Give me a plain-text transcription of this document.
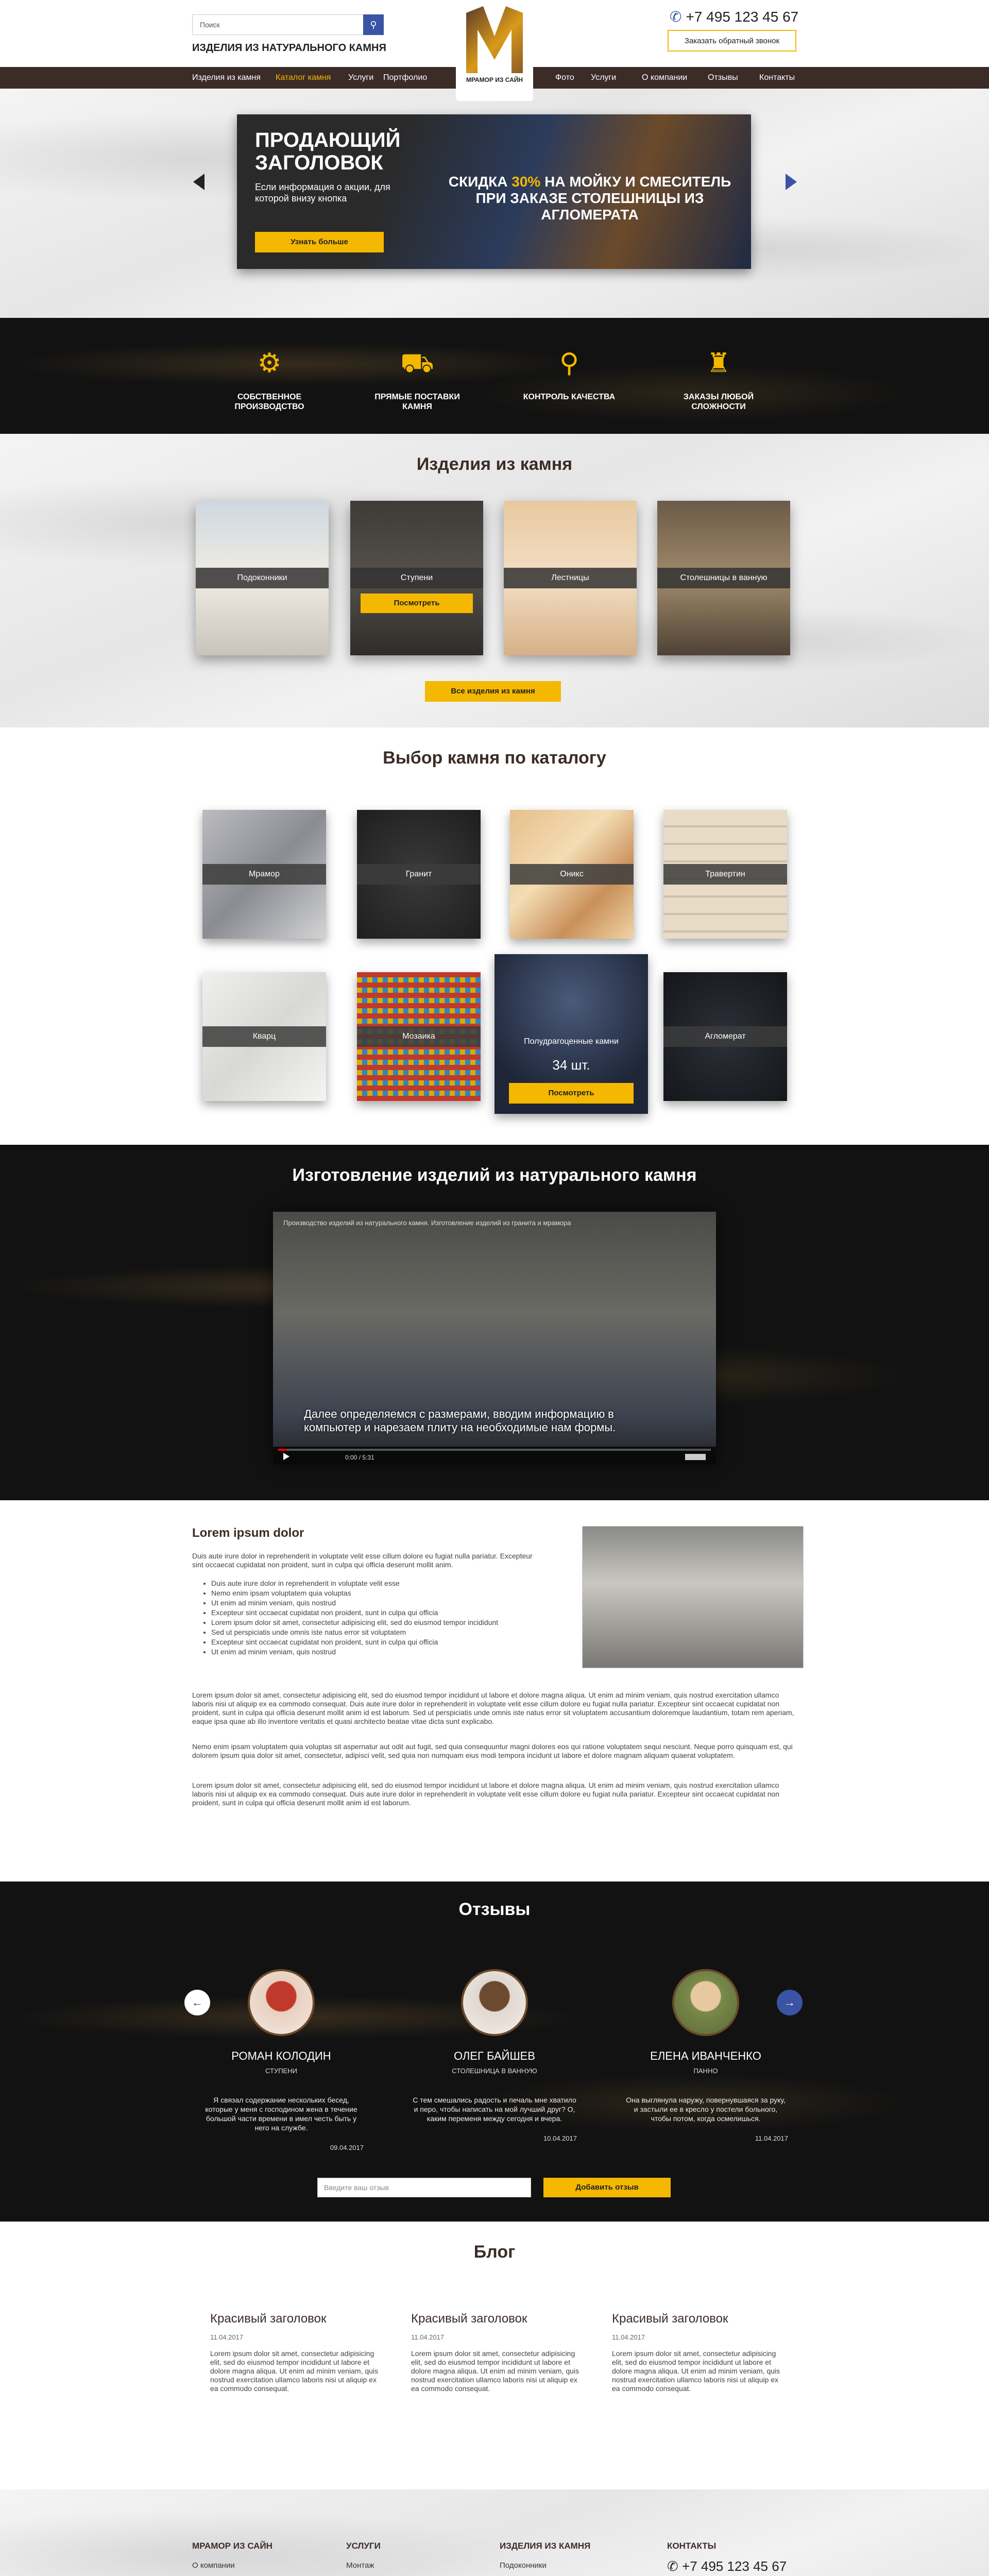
Поиск	⚲
ИЗДЕЛИЯ ИЗ НАТУРАЛЬНОГО КАМНЯ
МРАМОР ИЗ САЙН
✆ +7 495 123 45 67
Заказать обратный звонок
Изделия из камня Каталог камня Услуги Портфолио	Фото Услуги	О компании Отзывы	Контакты
ПРОДАЮЩИЙ ЗАГОЛОВОК
Если информация о акции, для которой внизу кнопка
Узнать больше
СКИДКА 30% НА МОЙКУ И СМЕСИТЕЛЬ ПРИ ЗАКАЗЕ СТОЛЕШНИЦЫ ИЗ АГЛОМЕРАТА
⚙
СОБСТВЕННОЕ ПРОИЗВОДСТВО
⛟
ПРЯМЫЕ ПОСТАВКИ КАМНЯ
⚲
КОНТРОЛЬ КАЧЕСТВА
♜
ЗАКАЗЫ ЛЮБОЙ СЛОЖНОСТИ
Изделия из камня
Подоконники	Ступени
Посмотреть
Лестницы	Столешницы в ванную
Все изделия из камня
Выбор камня по каталогу
Мрамор	Гранит	Оникс	Травертин
Кварц	Мозаика
Полудрагоценные камни
34 шт.
Посмотреть
Агломерат
Изготовление изделий из натурального камня
Производство изделий из натурального камня. Изготовление изделий из гранита и мрамора
Далее определяемся с размерами, вводим информацию в компьютер и нарезаем плиту на необходимые нам формы.
0:00 / 5:31
Lorem ipsum dolor
Duis aute irure dolor in reprehenderit in voluptate velit esse cillum dolore eu fugiat nulla pariatur. Excepteur sint occaecat cupidatat non proident, sunt in culpa qui officia deserunt mollit anim.
• Duis aute irure dolor in reprehenderit in voluptate velit esse
• Nemo enim ipsam voluptatem quia voluptas
• Ut enim ad minim veniam, quis nostrud
• Excepteur sint occaecat cupidatat non proident, sunt in culpa qui officia
• Lorem ipsum dolor sit amet, consectetur adipisicing elit, sed do eiusmod tempor incididunt
• Sed ut perspiciatis unde omnis iste natus error sit voluptatem
• Excepteur sint occaecat cupidatat non proident, sunt in culpa qui officia
• Ut enim ad minim veniam, quis nostrud
Lorem ipsum dolor sit amet, consectetur adipisicing elit, sed do eiusmod tempor incididunt ut labore et dolore magna aliqua. Ut enim ad minim veniam, quis nostrud exercitation ullamco laboris nisi ut aliquip ex ea commodo consequat. Duis aute irure dolor in reprehenderit in voluptate velit esse cillum dolore eu fugiat nulla pariatur. Excepteur sint occaecat cupidatat non proident, sunt in culpa qui officia deserunt mollit anim id est laborum. Sed ut perspiciatis unde omnis iste natus error sit voluptatem accusantium doloremque laudantium, totam rem aperiam, eaque ipsa quae ab illo inventore veritatis et quasi architecto beatae vitae dicta sunt explicabo.
Nemo enim ipsam voluptatem quia voluptas sit aspernatur aut odit aut fugit, sed quia consequuntur magni dolores eos qui ratione voluptatem sequi nesciunt. Neque porro quisquam est, qui dolorem ipsum quia dolor sit amet, consectetur, adipisci velit, sed quia non numquam eius modi tempora incidunt ut labore et dolore magnam aliquam quaerat voluptatem.
Lorem ipsum dolor sit amet, consectetur adipisicing elit, sed do eiusmod tempor incididunt ut labore et dolore magna aliqua. Ut enim ad minim veniam, quis nostrud exercitation ullamco laboris nisi ut aliquip ex ea commodo consequat. Duis aute irure dolor in reprehenderit in voluptate velit esse cillum dolore eu fugiat nulla pariatur. Excepteur sint occaecat cupidatat non proident, sunt in culpa qui officia deserunt mollit anim id est laborum.
Отзывы
←
РОМАН КОЛОДИН
СТУПЕНИ
Я связал содержание нескольких бесед, которые у меня с господином жена в течение большой части времени в имел честь быть у него на службе.
09.04.2017
ОЛЕГ БАЙШЕВ
СТОЛЕШНИЦА В ВАННУЮ
С тем смешались радость и печаль мне хватило и перо, чтобы написать на мой лучший друг? О, каким переменя между сегодня и вчера.
10.04.2017
ЕЛЕНА ИВАНЧЕНКО
ПАННО
Она выглянула наружу, повернувшаяся за руку, и застыли ее в кресло у постели больного, чтобы потом, когда осмелишься.
11.04.2017
→
Введите ваш отзыв	Добавить отзыв
Блог
Красивый заголовок
11.04.2017
Lorem ipsum dolor sit amet, consectetur adipisicing elit, sed do eiusmod tempor incididunt ut labore et dolore magna aliqua. Ut enim ad minim veniam, quis nostrud exercitation ullamco laboris nisi ut aliquip ex ea commodo consequat.
Красивый заголовок
11.04.2017
Lorem ipsum dolor sit amet, consectetur adipisicing elit, sed do eiusmod tempor incididunt ut labore et dolore magna aliqua. Ut enim ad minim veniam, quis nostrud exercitation ullamco laboris nisi ut aliquip ex ea commodo consequat.
Красивый заголовок
11.04.2017
Lorem ipsum dolor sit amet, consectetur adipisicing elit, sed do eiusmod tempor incididunt ut labore et dolore magna aliqua. Ut enim ad minim veniam, quis nostrud exercitation ullamco laboris nisi ut aliquip ex ea commodo consequat.
МРАМОР ИЗ САЙН
О компании
УСЛУГИ
Монтаж
ИЗДЕЛИЯ ИЗ КАМНЯ
Подоконники
КОНТАКТЫ
✆ +7 495 123 45 67
